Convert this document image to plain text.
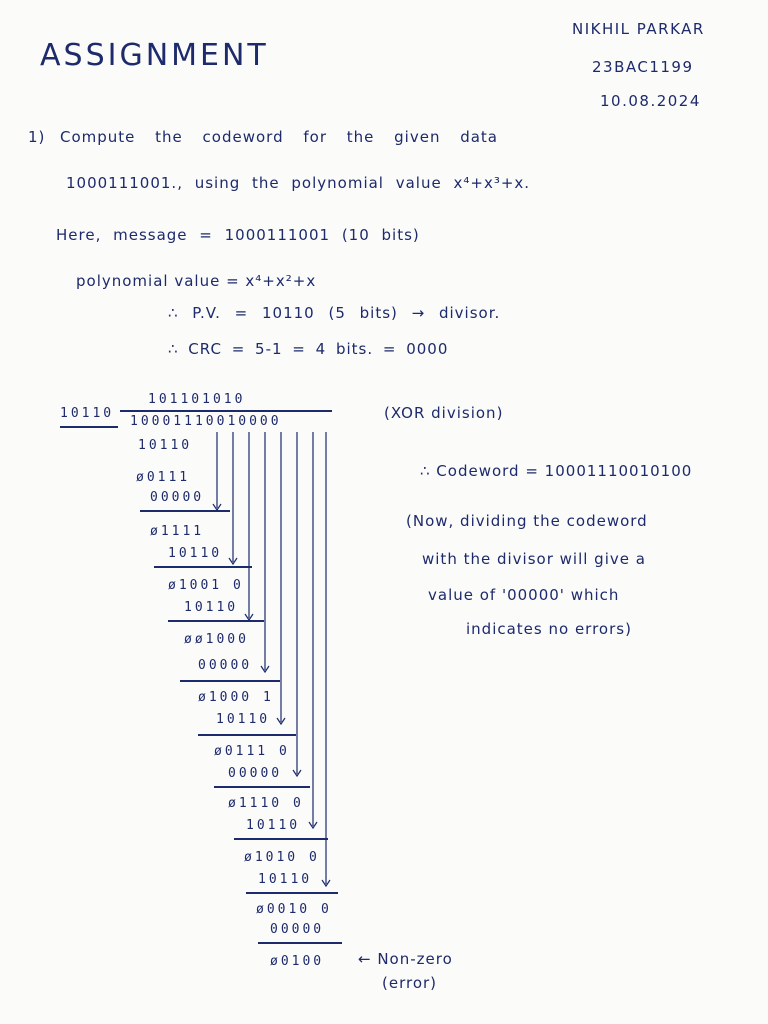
ASSIGNMENT
NIKHIL PARKAR
23BAC1199
10.08.2024
1) Compute the codeword for the given data
1000111001., using the polynomial value x⁴+x³+x.
Here, message = 1000111001 (10 bits)
polynomial value = x⁴+x²+x
∴ P.V. = 10110 (5 bits) → divisor.
∴ CRC = 5-1 = 4 bits. = 0000
101101010
10110
10001110010000	(XOR division)
10110
ø0111
00000
ø1111
10110
ø1001 0
10110
øø1000
00000
ø1000 1
10110
ø0111 0
00000
ø1110 0
10110
ø1010 0
10110
ø0010 0
00000
ø0100 ← Non-zero
(error)
∴ Codeword = 10001110010100
(Now, dividing the codeword
with the divisor will give a
value of '00000' which
indicates no errors)
